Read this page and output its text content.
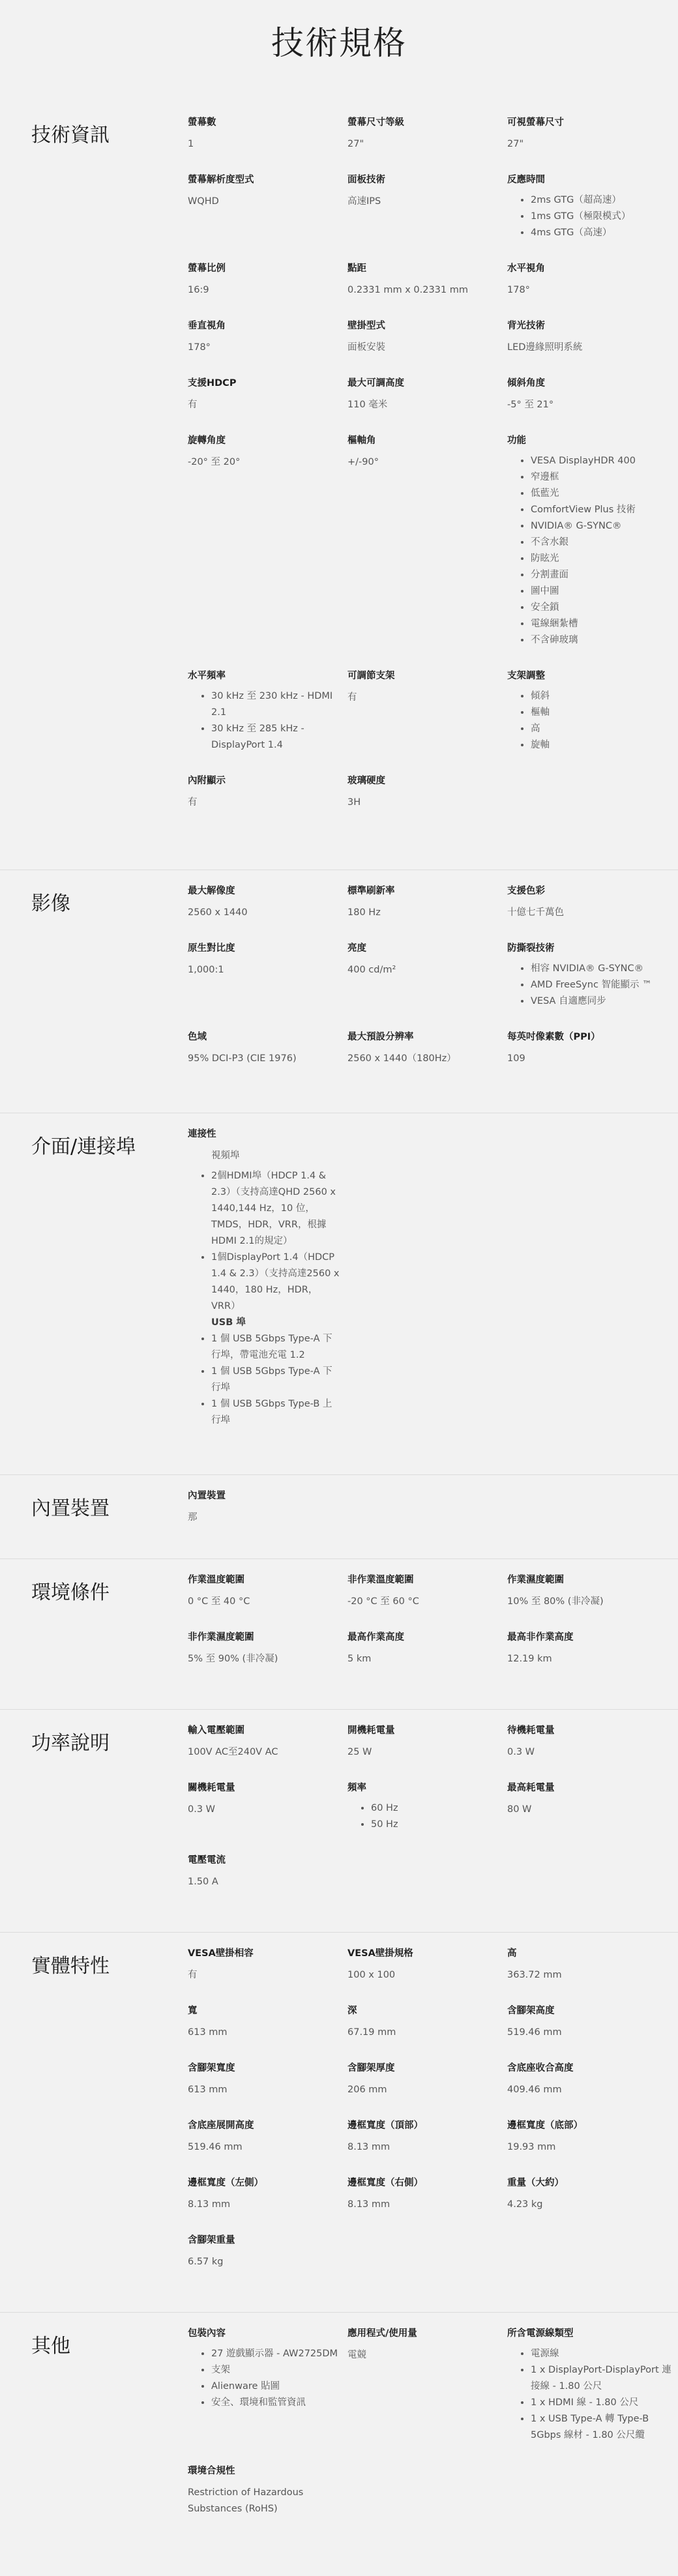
技術規格
技術資訊
螢幕數
1
螢幕尺寸等級
27"
可視螢幕尺寸
27"
螢幕解析度型式
WQHD
面板技術
高速IPS
反應時間
• 2ms GTG（超高速）
• 1ms GTG（極限模式）
• 4ms GTG（高速）
螢幕比例
16:9
點距
0.2331 mm x 0.2331 mm
水平視角
178°
垂直視角
178°
壁掛型式
面板安裝
背光技術
LED邊緣照明系統
支援HDCP
有
最大可調高度
110 毫米
傾斜角度
-5° 至 21°
旋轉角度
-20° 至 20°
樞軸角
+/-90°
功能
• VESA DisplayHDR 400
• 窄邊框
• 低藍光
• ComfortView Plus 技術
• NVIDIA® G-SYNC®
• 不含水銀
• 防眩光
• 分割畫面
• 圖中圖
• 安全鎖
• 電線綑紮槽
• 不含砷玻璃
水平頻率
• 30 kHz 至 230 kHz - HDMI 2.1
• 30 kHz 至 285 kHz - DisplayPort 1.4
可調節支架
有
支架調整
• 傾斜
• 樞軸
• 高
• 旋軸
內附顯示
有
玻璃硬度
3H
影像
最大解像度
2560 x 1440
標準刷新率
180 Hz
支援色彩
十億七千萬色
原生對比度
1,000:1
亮度
400 cd/m²
防撕裂技術
• 相容 NVIDIA® G-SYNC®
• AMD FreeSync 智能顯示 ™
• VESA 自適應同步
色域
95% DCI-P3 (CIE 1976)
最大預設分辨率
2560 x 1440（180Hz）
每英吋像素數（PPI）
109
介面/連接埠
連接性
視頻埠
• 2個HDMI埠（HDCP 1.4 & 2.3）（支持高達QHD 2560 x 1440,144 Hz，10 位，TMDS，HDR，VRR，根據HDMI 2.1的規定）
• 1個DisplayPort 1.4（HDCP 1.4 & 2.3）（支持高達2560 x 1440，180 Hz，HDR，VRR）
USB 埠
• 1 個 USB 5Gbps Type-A 下行埠，帶電池充電 1.2
• 1 個 USB 5Gbps Type-A 下行埠
• 1 個 USB 5Gbps Type-B 上行埠
內置裝置
內置裝置
那
環境條件
作業溫度範圍
0 °C 至 40 °C
非作業溫度範圍
-20 °C 至 60 °C
作業濕度範圍
10% 至 80% (非冷凝)
非作業濕度範圍
5% 至 90% (非冷凝)
最高作業高度
5 km
最高非作業高度
12.19 km
功率說明
輸入電壓範圍
100V AC至240V AC
開機耗電量
25 W
待機耗電量
0.3 W
關機耗電量
0.3 W
頻率
• 60 Hz
• 50 Hz
最高耗電量
80 W
電壓電流
1.50 A
實體特性
VESA壁掛相容
有
VESA壁掛規格
100 x 100
高
363.72 mm
寬
613 mm
深
67.19 mm
含腳架高度
519.46 mm
含腳架寬度
613 mm
含腳架厚度
206 mm
含底座收合高度
409.46 mm
含底座展開高度
519.46 mm
邊框寬度（頂部）
8.13 mm
邊框寬度（底部）
19.93 mm
邊框寬度（左側）
8.13 mm
邊框寬度（右側）
8.13 mm
重量（大約）
4.23 kg
含腳架重量
6.57 kg
其他
包裝內容
• 27 遊戲顯示器 - AW2725DM
• 支架
• Alienware 貼圖
• 安全、環境和監管資訊
應用程式/使用量
電競
所含電源線類型
• 電源線
• 1 x DisplayPort-DisplayPort 連接線 - 1.80 公尺
• 1 x HDMI 線 - 1.80 公尺
• 1 x USB Type-A 轉 Type-B 5Gbps 線材 - 1.80 公尺纜
環境合規性
Restriction of Hazardous Substances (RoHS)
